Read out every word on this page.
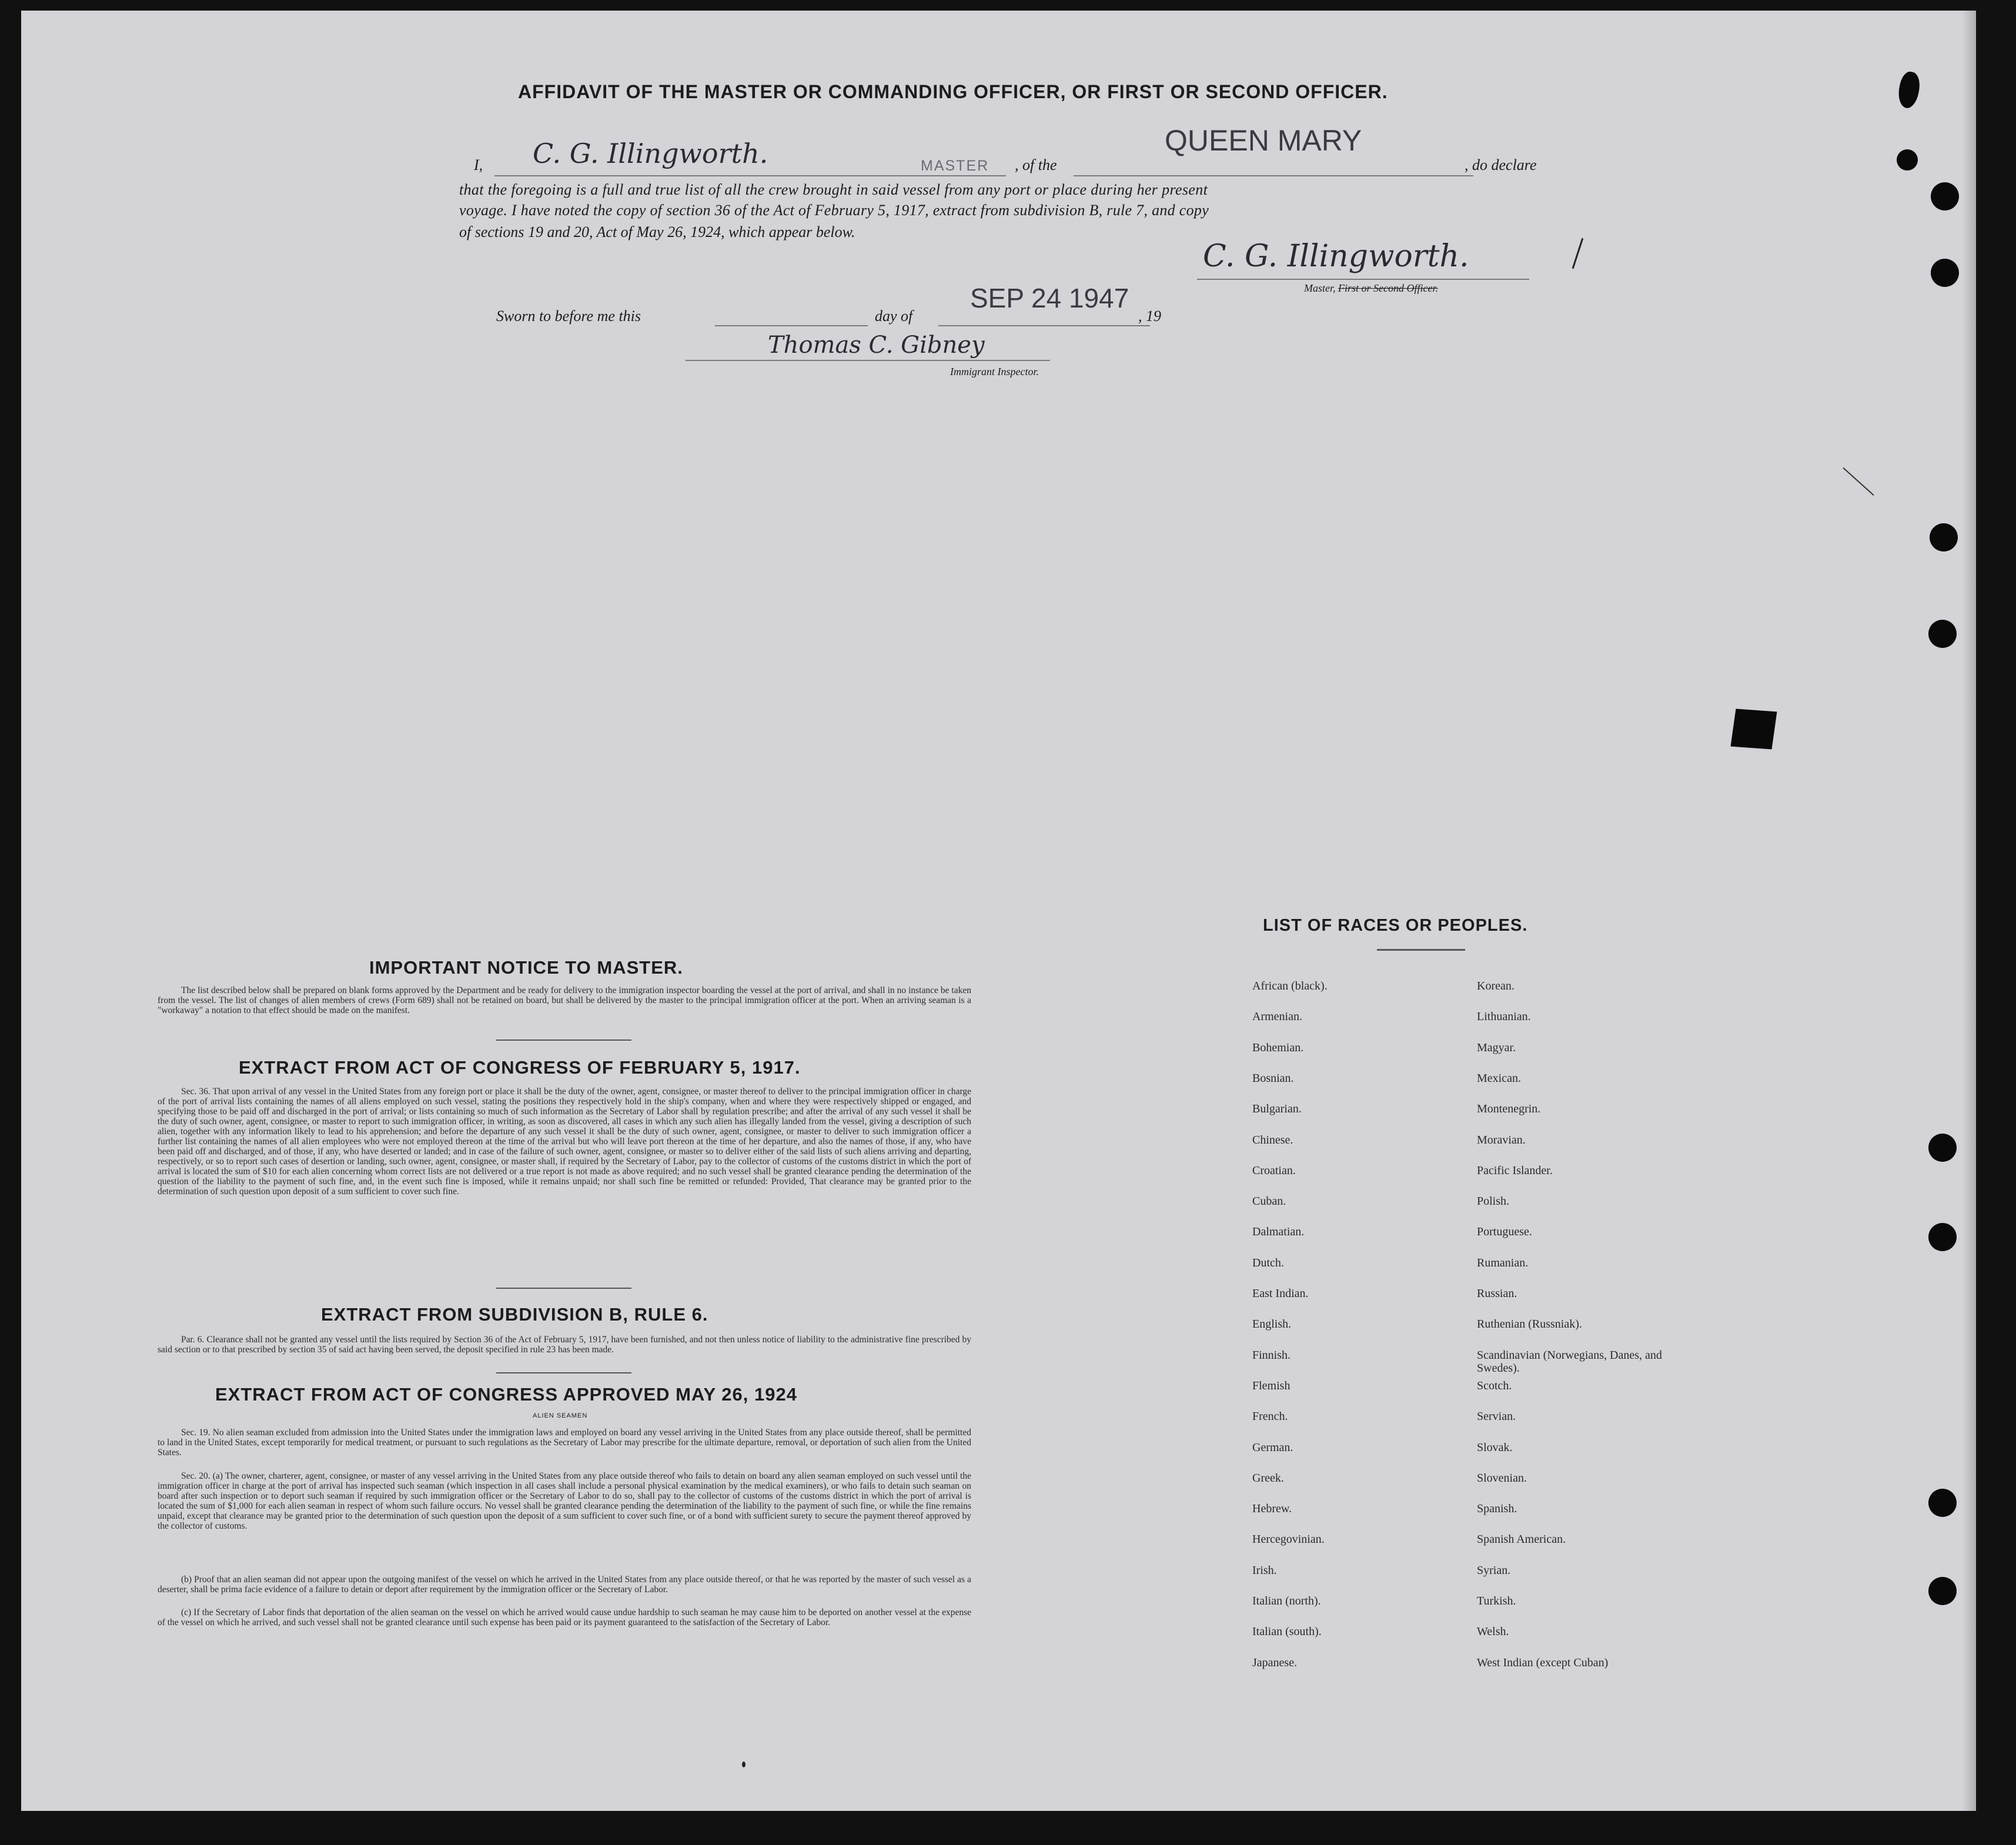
AFFIDAVIT OF THE MASTER OR COMMANDING OFFICER, OR FIRST OR SECOND OFFICER.
I, C. G. Illingworth.	MASTER , of the
QUEEN MARY
, do declare
that the foregoing is a full and true list of all the crew brought in said vessel from any port or place during her present
voyage. I have noted the copy of section 36 of the Act of February 5, 1917, extract from subdivision B, rule 7, and copy
of sections 19 and 20, Act of May 26, 1924, which appear below.
C. G. Illingworth.
Master, First or Second Officer.
Sworn to before me this	day of
SEP 24 1947
, 19
Thomas C. Gibney
Immigrant Inspector.
IMPORTANT NOTICE TO MASTER.
The list described below shall be prepared on blank forms approved by the Department and be ready for delivery to the immigration inspector boarding the vessel at the port of arrival, and shall in no instance be taken from the vessel. The list of changes of alien members of crews (Form 689) shall not be retained on board, but shall be delivered by the master to the principal immigration officer at the port. When an arriving seaman is a "workaway" a notation to that effect should be made on the manifest.
EXTRACT FROM ACT OF CONGRESS OF FEBRUARY 5, 1917.
Sec. 36. That upon arrival of any vessel in the United States from any foreign port or place it shall be the duty of the owner, agent, consignee, or master thereof to deliver to the principal immigration officer in charge of the port of arrival lists containing the names of all aliens employed on such vessel, stating the positions they respectively hold in the ship's company, when and where they were respectively shipped or engaged, and specifying those to be paid off and discharged in the port of arrival; or lists containing so much of such information as the Secretary of Labor shall by regulation prescribe; and after the arrival of any such vessel it shall be the duty of such owner, agent, consignee, or master to report to such immigration officer, in writing, as soon as discovered, all cases in which any such alien has illegally landed from the vessel, giving a description of such alien, together with any information likely to lead to his apprehension; and before the departure of any such vessel it shall be the duty of such owner, agent, consignee, or master to deliver to such immigration officer a further list containing the names of all alien employees who were not employed thereon at the time of the arrival but who will leave port thereon at the time of her departure, and also the names of those, if any, who have been paid off and discharged, and of those, if any, who have deserted or landed; and in case of the failure of such owner, agent, consignee, or master so to deliver either of the said lists of such aliens arriving and departing, respectively, or so to report such cases of desertion or landing, such owner, agent, consignee, or master shall, if required by the Secretary of Labor, pay to the collector of customs of the customs district in which the port of arrival is located the sum of $10 for each alien concerning whom correct lists are not delivered or a true report is not made as above required; and no such vessel shall be granted clearance pending the determination of the question of the liability to the payment of such fine, and, in the event such fine is imposed, while it remains unpaid; nor shall such fine be remitted or refunded: Provided, That clearance may be granted prior to the determination of such question upon deposit of a sum sufficient to cover such fine.
EXTRACT FROM SUBDIVISION B, RULE 6.
Par. 6. Clearance shall not be granted any vessel until the lists required by Section 36 of the Act of February 5, 1917, have been furnished, and not then unless notice of liability to the administrative fine prescribed by said section or to that prescribed by section 35 of said act having been served, the deposit specified in rule 23 has been made.
EXTRACT FROM ACT OF CONGRESS APPROVED MAY 26, 1924
ALIEN SEAMEN
Sec. 19. No alien seaman excluded from admission into the United States under the immigration laws and employed on board any vessel arriving in the United States from any place outside thereof, shall be permitted to land in the United States, except temporarily for medical treatment, or pursuant to such regulations as the Secretary of Labor may prescribe for the ultimate departure, removal, or deportation of such alien from the United States.
Sec. 20. (a) The owner, charterer, agent, consignee, or master of any vessel arriving in the United States from any place outside thereof who fails to detain on board any alien seaman employed on such vessel until the immigration officer in charge at the port of arrival has inspected such seaman (which inspection in all cases shall include a personal physical examination by the medical examiners), or who fails to detain such seaman on board after such inspection or to deport such seaman if required by such immigration officer or the Secretary of Labor to do so, shall pay to the collector of customs of the customs district in which the port of arrival is located the sum of $1,000 for each alien seaman in respect of whom such failure occurs. No vessel shall be granted clearance pending the determination of the liability to the payment of such fine, or while the fine remains unpaid, except that clearance may be granted prior to the determination of such question upon the deposit of a sum sufficient to cover such fine, or of a bond with sufficient surety to secure the payment thereof approved by the collector of customs.
(b) Proof that an alien seaman did not appear upon the outgoing manifest of the vessel on which he arrived in the United States from any place outside thereof, or that he was reported by the master of such vessel as a deserter, shall be prima facie evidence of a failure to detain or deport after requirement by the immigration officer or the Secretary of Labor.
(c) If the Secretary of Labor finds that deportation of the alien seaman on the vessel on which he arrived would cause undue hardship to such seaman he may cause him to be deported on another vessel at the expense of the vessel on which he arrived, and such vessel shall not be granted clearance until such expense has been paid or its payment guaranteed to the satisfaction of the Secretary of Labor.
LIST OF RACES OR PEOPLES.
African (black).
Armenian.
Bohemian.
Bosnian.
Bulgarian.
Chinese.
Croatian.
Cuban.
Dalmatian.
Dutch.
East Indian.
English.
Finnish.
Flemish
French.
German.
Greek.
Hebrew.
Hercegovinian.
Irish.
Italian (north).
Italian (south).
Japanese.
Korean.
Lithuanian.
Magyar.
Mexican.
Montenegrin.
Moravian.
Pacific Islander.
Polish.
Portuguese.
Rumanian.
Russian.
Ruthenian (Russniak).
Scandinavian (Norwegians, Danes, and Swedes).
Scotch.
Servian.
Slovak.
Slovenian.
Spanish.
Spanish American.
Syrian.
Turkish.
Welsh.
West Indian (except Cuban)
